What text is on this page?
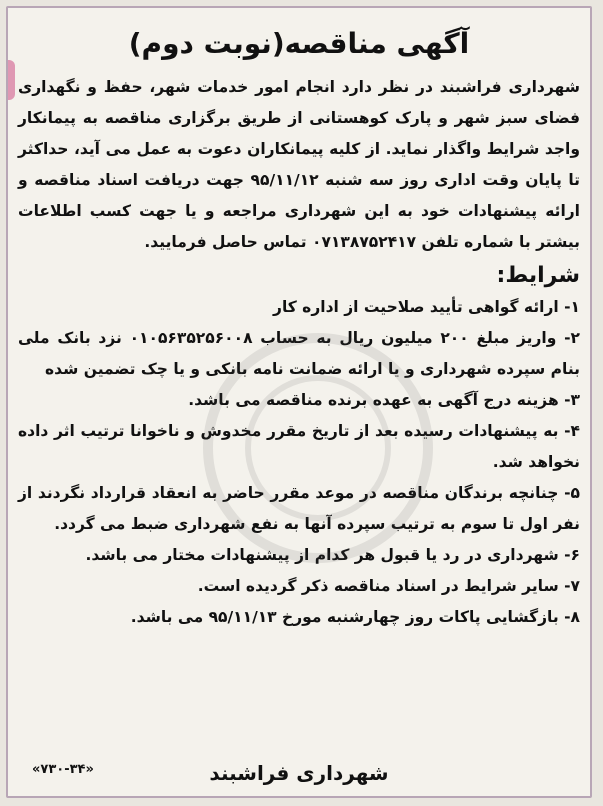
آگهی مناقصه(نوبت دوم)
شهرداری فراشبند در نظر دارد انجام امور خدمات شهر، حفظ و نگهداری فضای سبز شهر و پارک کوهستانی از طریق برگزاری مناقصه به پیمانکار واجد شرایط واگذار نماید. از کلیه پیمانکاران دعوت به عمل می آید، حداکثر تا پایان وقت اداری روز سه شنبه ۹۵/۱۱/۱۲ جهت دریافت اسناد مناقصه و ارائه پیشنهادات خود به این شهرداری مراجعه و یا جهت کسب اطلاعات بیشتر با شماره تلفن ۰۷۱۳۸۷۵۲۴۱۷ تماس حاصل فرمایید.
شرایط:
۱- ارائه گواهی تأیید صلاحیت از اداره کار
۲- واریز مبلغ ۲۰۰ میلیون ریال به حساب ۰۱۰۵۶۳۵۲۵۶۰۰۸ نزد بانک ملی بنام سپرده شهرداری و یا ارائه ضمانت نامه بانکی و یا چک تضمین شده
۳- هزینه درج آگهی به عهده برنده مناقصه می باشد.
۴- به پیشنهادات رسیده بعد از تاریخ مقرر مخدوش و ناخوانا ترتیب اثر داده نخواهد شد.
۵- چنانچه برندگان مناقصه در موعد مقرر حاضر به انعقاد قرارداد نگردند از نفر اول تا سوم به ترتیب سپرده آنها به نفع شهرداری ضبط می گردد.
۶- شهرداری در رد یا قبول هر کدام از پیشنهادات مختار می باشد.
۷- سایر شرایط در اسناد مناقصه ذکر گردیده است.
۸- بازگشایی پاکات روز چهارشنبه مورخ ۹۵/۱۱/۱۳ می باشد.
شهرداری فراشبند
«۷۳۰-۳۴»
